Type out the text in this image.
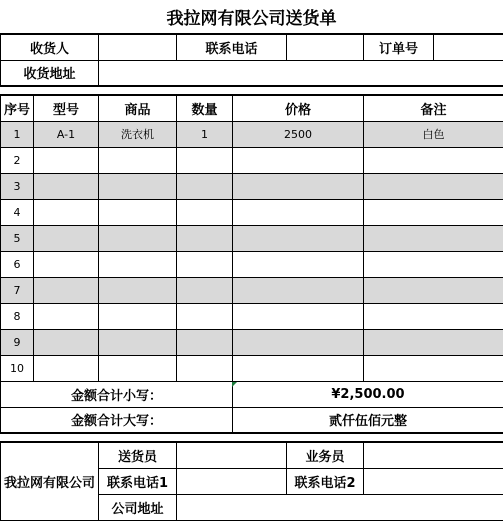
我拉网有限公司送货单
收货人		联系电话		订单号	
收货地址					
序号	型号	商品	数量	价格	备注
1	A-1	洗衣机	1	2500	白色
2					
3					
4					
5					
6					
7					
8					
9					
10					
金额合计小写：				¥2,500.00	
金额合计大写：				贰仟伍佰元整	
我拉网有限公司	送货员		业务员	
	联系电话1		联系电话2	
	公司地址			
